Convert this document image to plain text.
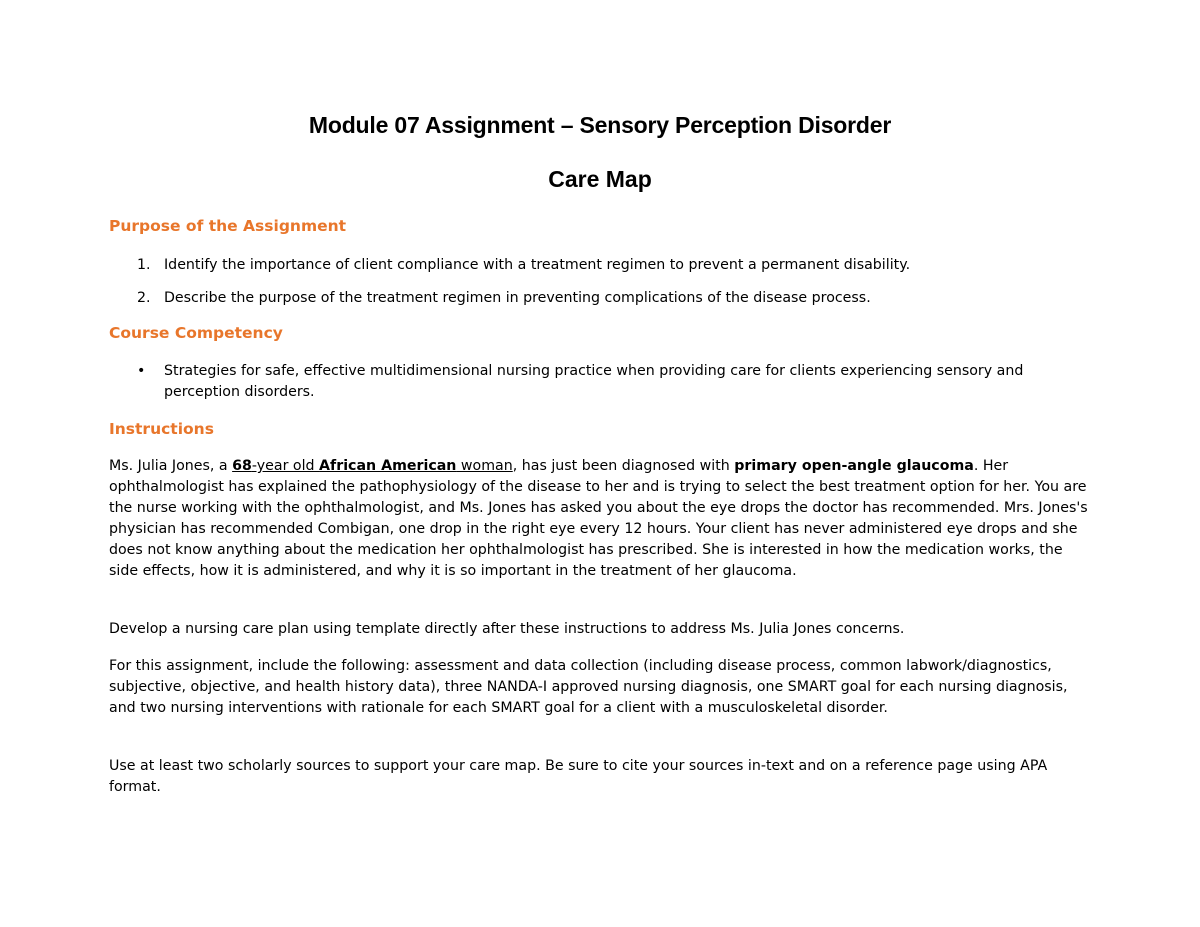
Module 07 Assignment – Sensory Perception Disorder
Care Map
Purpose of the Assignment
1. Identify the importance of client compliance with a treatment regimen to prevent a permanent disability.
2. Describe the purpose of the treatment regimen in preventing complications of the disease process.
Course Competency
• Strategies for safe, effective multidimensional nursing practice when providing care for clients experiencing sensory and perception disorders.
Instructions

Ms. Julia Jones, a 68-year old African American woman, has just been diagnosed with primary open-angle glaucoma. Her ophthalmologist has explained the pathophysiology of the disease to her and is trying to select the best treatment option for her. You are the nurse working with the ophthalmologist, and Ms. Jones has asked you about the eye drops the doctor has recommended. Mrs. Jones's physician has recommended Combigan, one drop in the right eye every 12 hours. Your client has never administered eye drops and she does not know anything about the medication her ophthalmologist has prescribed. She is interested in how the medication works, the side effects, how it is administered, and why it is so important in the treatment of her glaucoma.

Develop a nursing care plan using template directly after these instructions to address Ms. Julia Jones concerns.

For this assignment, include the following: assessment and data collection (including disease process, common labwork/diagnostics, subjective, objective, and health history data), three NANDA-I approved nursing diagnosis, one SMART goal for each nursing diagnosis, and two nursing interventions with rationale for each SMART goal for a client with a musculoskeletal disorder.

Use at least two scholarly sources to support your care map. Be sure to cite your sources in-text and on a reference page using APA format.
